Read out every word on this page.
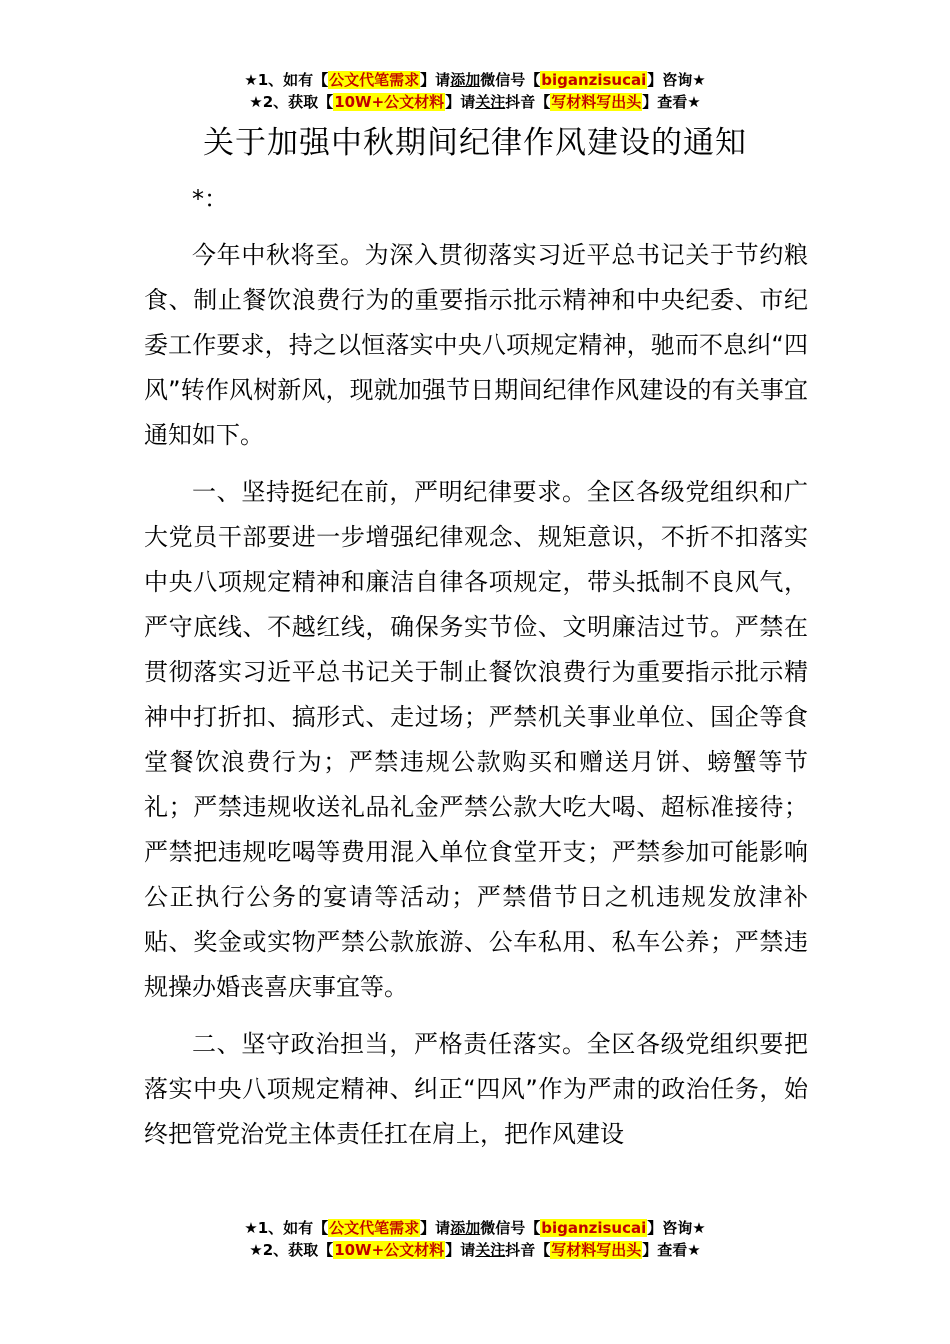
★1、如有【公文代笔需求】请添加微信号【biganzisucai】咨询★
★2、获取【10W+公文材料】请关注抖音【写材料写出头】查看★
关于加强中秋期间纪律作风建设的通知
*：

今年中秋将至。为深入贯彻落实习近平总书记关于节约粮食、制止餐饮浪费行为的重要指示批示精神和中央纪委、市纪委工作要求，持之以恒落实中央八项规定精神，驰而不息纠“四风”转作风树新风，现就加强节日期间纪律作风建设的有关事宜通知如下。

一、坚持挺纪在前，严明纪律要求。全区各级党组织和广大党员干部要进一步增强纪律观念、规矩意识，不折不扣落实中央八项规定精神和廉洁自律各项规定，带头抵制不良风气，严守底线、不越红线，确保务实节俭、文明廉洁过节。严禁在贯彻落实习近平总书记关于制止餐饮浪费行为重要指示批示精神中打折扣、搞形式、走过场；严禁机关事业单位、国企等食堂餐饮浪费行为；严禁违规公款购买和赠送月饼、螃蟹等节礼；严禁违规收送礼品礼金严禁公款大吃大喝、超标准接待；严禁把违规吃喝等费用混入单位食堂开支；严禁参加可能影响公正执行公务的宴请等活动；严禁借节日之机违规发放津补贴、奖金或实物严禁公款旅游、公车私用、私车公养；严禁违规操办婚丧喜庆事宜等。

二、坚守政治担当，严格责任落实。全区各级党组织要把落实中央八项规定精神、纠正“四风”作为严肃的政治任务，始终把管党治党主体责任扛在肩上，把作风建设

★1、如有【公文代笔需求】请添加微信号【biganzisucai】咨询★
★2、获取【10W+公文材料】请关注抖音【写材料写出头】查看★
